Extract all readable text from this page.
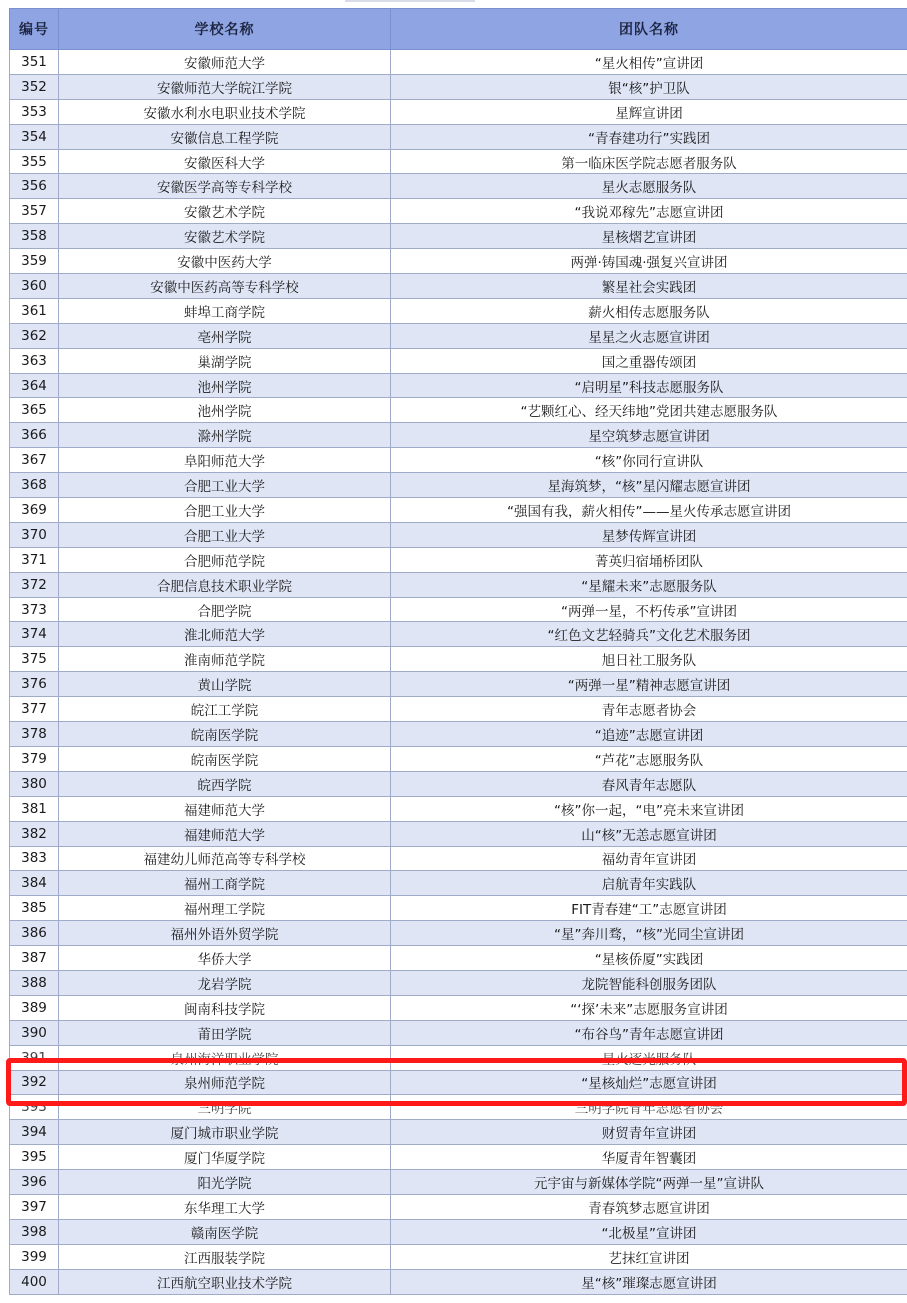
编号	学校名称	团队名称
351	安徽师范大学	“星火相传”宣讲团
352	安徽师范大学皖江学院	银“核”护卫队
353	安徽水利水电职业技术学院	星辉宣讲团
354	安徽信息工程学院	“青春建功行”实践团
355	安徽医科大学	第一临床医学院志愿者服务队
356	安徽医学高等专科学校	星火志愿服务队
357	安徽艺术学院	“我说邓稼先”志愿宣讲团
358	安徽艺术学院	星核熠艺宣讲团
359	安徽中医药大学	两弹·铸国魂·强复兴宣讲团
360	安徽中医药高等专科学校	繁星社会实践团
361	蚌埠工商学院	薪火相传志愿服务队
362	亳州学院	星星之火志愿宣讲团
363	巢湖学院	国之重器传颂团
364	池州学院	“启明星”科技志愿服务队
365	池州学院	“艺颗红心、经天纬地”党团共建志愿服务队
366	滁州学院	星空筑梦志愿宣讲团
367	阜阳师范大学	“核”你同行宣讲队
368	合肥工业大学	星海筑梦，“核”星闪耀志愿宣讲团
369	合肥工业大学	“强国有我，薪火相传”——星火传承志愿宣讲团
370	合肥工业大学	星梦传辉宣讲团
371	合肥师范学院	菁英归宿埇桥团队
372	合肥信息技术职业学院	“星耀未来”志愿服务队
373	合肥学院	“两弹一星，不朽传承”宣讲团
374	淮北师范大学	“红色文艺轻骑兵”文化艺术服务团
375	淮南师范学院	旭日社工服务队
376	黄山学院	“两弹一星”精神志愿宣讲团
377	皖江工学院	青年志愿者协会
378	皖南医学院	“追迹”志愿宣讲团
379	皖南医学院	“芦花”志愿服务队
380	皖西学院	春风青年志愿队
381	福建师范大学	“核”你一起，“电”亮未来宣讲团
382	福建师范大学	山“核”无恙志愿宣讲团
383	福建幼儿师范高等专科学校	福幼青年宣讲团
384	福州工商学院	启航青年实践队
385	福州理工学院	FIT青春建“工”志愿宣讲团
386	福州外语外贸学院	“星”奔川骛，“核”光同尘宣讲团
387	华侨大学	“星核侨厦”实践团
388	龙岩学院	龙院智能科创服务团队
389	闽南科技学院	“‘探’未来”志愿服务宣讲团
390	莆田学院	“布谷鸟”青年志愿宣讲团
391	泉州海洋职业学院	星火逐光服务队
392	泉州师范学院	“星核灿烂”志愿宣讲团
393	三明学院	三明学院青年志愿者协会
394	厦门城市职业学院	财贸青年宣讲团
395	厦门华厦学院	华厦青年智囊团
396	阳光学院	元宇宙与新媒体学院“两弹一星”宣讲队
397	东华理工大学	青春筑梦志愿宣讲团
398	赣南医学院	“北极星”宣讲团
399	江西服装学院	艺抹红宣讲团
400	江西航空职业技术学院	星“核”璀璨志愿宣讲团
